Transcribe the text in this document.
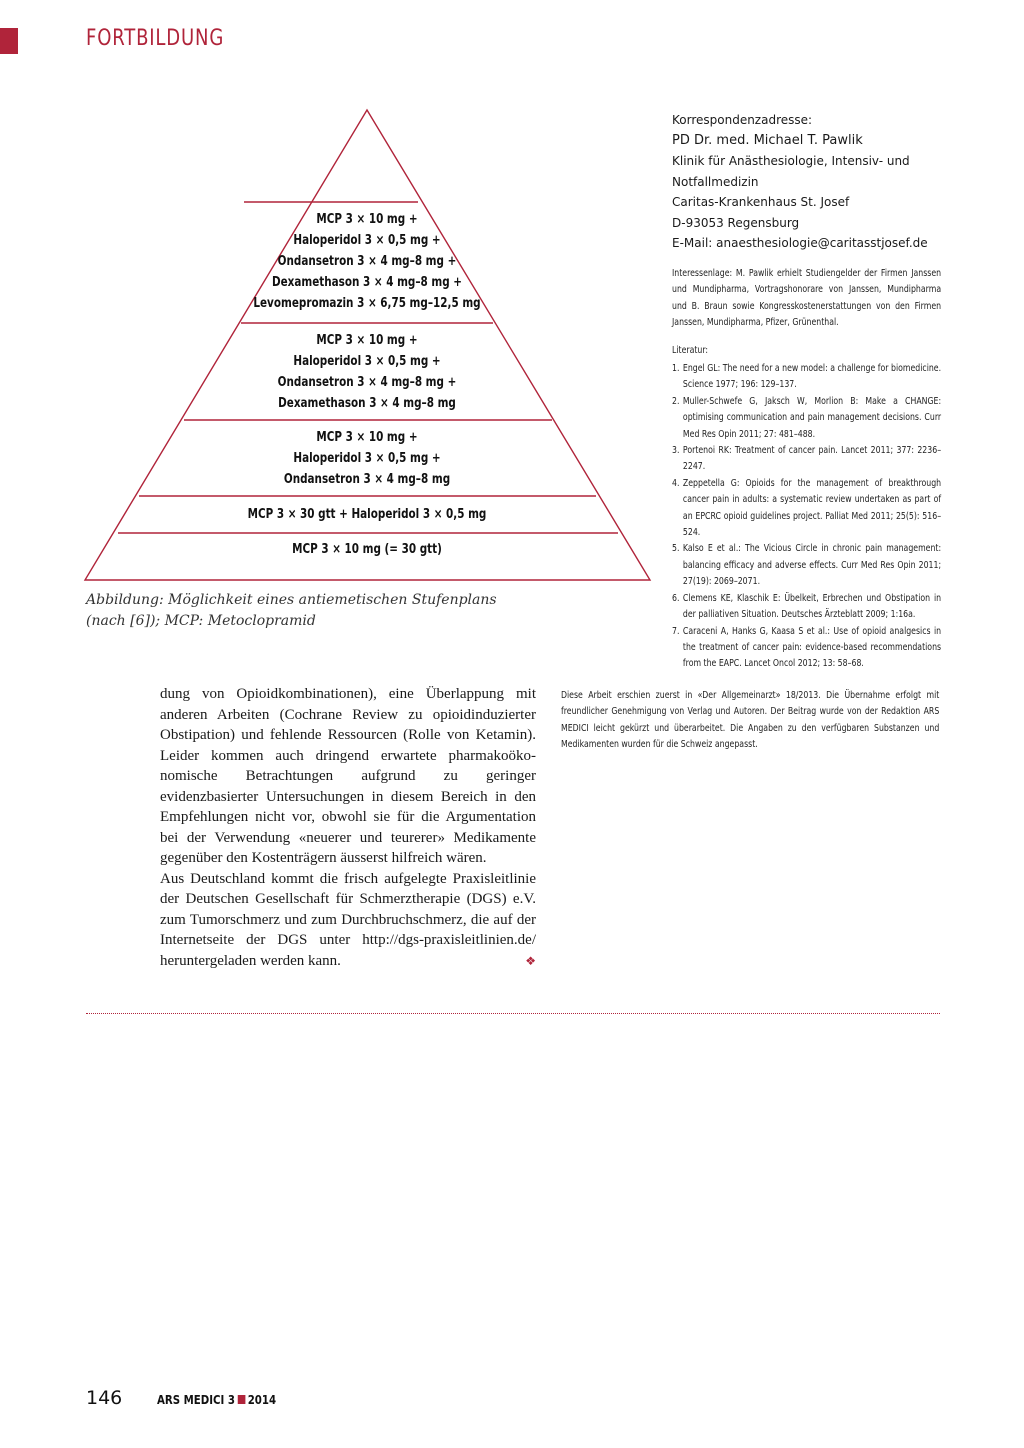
FORTBILDUNG
MCP 3 × 10 mg +
Haloperidol 3 × 0,5 mg +
Ondansetron 3 × 4 mg–8 mg +
Dexamethason 3 × 4 mg–8 mg +
Levomepromazin 3 × 6,75 mg–12,5 mg
MCP 3 × 10 mg +
Haloperidol 3 × 0,5 mg +
Ondansetron 3 × 4 mg–8 mg +
Dexamethason 3 × 4 mg–8 mg
MCP 3 × 10 mg +
Haloperidol 3 × 0,5 mg +
Ondansetron 3 × 4 mg–8 mg
MCP 3 × 30 gtt + Haloperidol 3 × 0,5 mg
MCP 3 × 10 mg (= 30 gtt)
Abbildung: Möglichkeit eines antiemetischen Stufenplans
(nach [6]); MCP: Metoclopramid
Korrespondenzadresse:
PD Dr. med. Michael T. Pawlik
Klinik für Anästhesiologie, Intensiv- und
Notfallmedizin
Caritas-Krankenhaus St. Josef
D-93053 Regensburg
E-Mail: anaesthesiologie@caritasstjosef.de
Interessenlage: M. Pawlik erhielt Studiengelder der Firmen Janssen und Mundipharma, Vortragshonorare von Janssen, Mundipharma und B. Braun sowie Kongresskostenerstattungen von den Firmen Janssen, Mundipharma, Pfizer, Grünenthal.
Literatur:
1. Engel GL: The need for a new model: a challenge for biomedicine. Science 1977; 196: 129–137.
2. Muller-Schwefe G, Jaksch W, Morlion B: Make a CHANGE: optimising communication and pain management decisions. Curr Med Res Opin 2011; 27: 481–488.
3. Portenoi RK: Treatment of cancer pain. Lancet 2011; 377: 2236–2247.
4. Zeppetella G: Opioids for the management of breakthrough cancer pain in adults: a systematic review undertaken as part of an EPCRC opioid guidelines project. Palliat Med 2011; 25(5): 516–524.
5. Kalso E et al.: The Vicious Circle in chronic pain management: balancing efficacy and adverse effects. Curr Med Res Opin 2011; 27(19): 2069–2071.
6. Clemens KE, Klaschik E: Übelkeit, Erbrechen und Obstipation in der palliativen Situation. Deutsches Ärzteblatt 2009; 1:16a.
7. Caraceni A, Hanks G, Kaasa S et al.: Use of opioid analgesics in the treatment of cancer pain: evidence-based recommendations from the EAPC. Lancet Oncol 2012; 13: 58–68.

dung von Opioidkombinationen), eine Überlappung mit anderen Arbeiten (Cochrane Review zu opioidinduzierter Obstipation) und fehlende Ressourcen (Rolle von Ketamin). Leider kommen auch dringend erwartete pharmakoökonomische Betrachtungen aufgrund zu geringer evidenzbasierter Untersuchungen in diesem Bereich in den Empfehlungen nicht vor, obwohl sie für die Argumentation bei der Verwendung «neuerer und teurerer» Medikamente gegenüber den Kostenträgern äusserst hilfreich wären.

Aus Deutschland kommt die frisch aufgelegte Praxisleitlinie der Deutschen Gesellschaft für Schmerztherapie (DGS) e.V. zum Tumorschmerz und zum Durchbruchschmerz, die auf der Internetseite der DGS unter http://dgs-praxisleitlinien.de/ heruntergeladen werden kann.	❖

Diese Arbeit erschien zuerst in «Der Allgemeinarzt» 18/2013. Die Übernahme erfolgt mit freundlicher Genehmigung von Verlag und Autoren. Der Beitrag wurde von der Redaktion ARS MEDICI leicht gekürzt und überarbeitet. Die Angaben zu den verfügbaren Substanzen und Medikamenten wurden für die Schweiz angepasst.
146	ARS MEDICI 3 2014
